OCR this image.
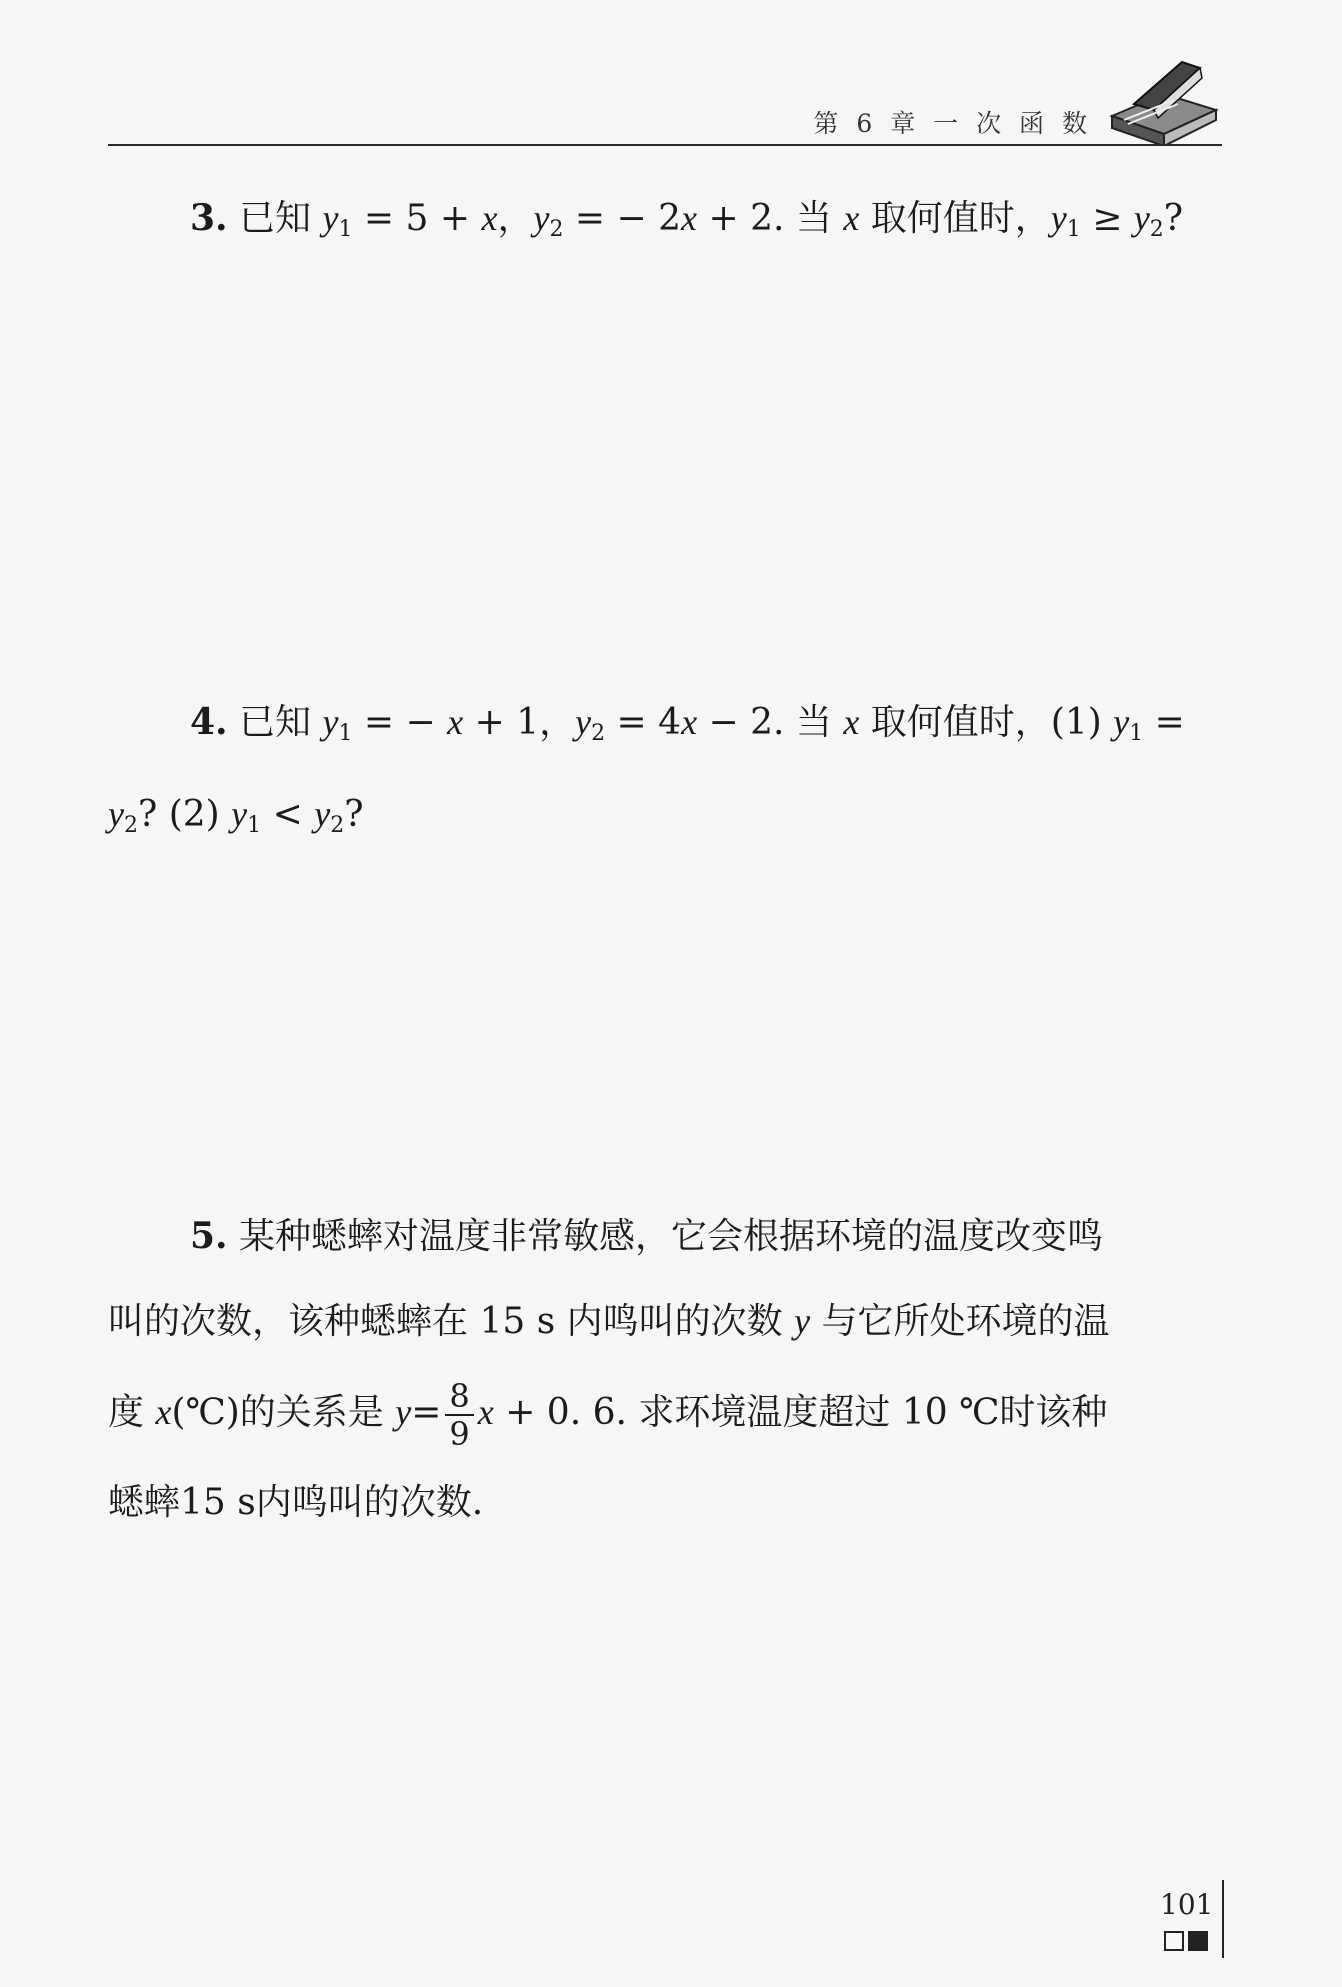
第 6 章 一 次 函 数
3. 已知 $y_1 = 5 + x$，$y_2$ = − 2x + 2. 当 x 取何值时，$y_1 \ge y_2$?
4. 已知 $y_1$ = − x + 1，$y_2 = 4x - 2$. 当 x 取何值时，(1) $y_1$ =
$y_2$? (2) $y_1 < y_2$?
5. 某种蟋蟀对温度非常敏感，它会根据环境的温度改变鸣
叫的次数，该种蟋蟀在 15 s 内鸣叫的次数 y 与它所处环境的温
度 x(℃)的关系是 $y= \frac{8}{9}$ x + 0. 6. 求环境温度超过 10 ℃时该种
蟋蟀15 s内鸣叫的次数.
101
